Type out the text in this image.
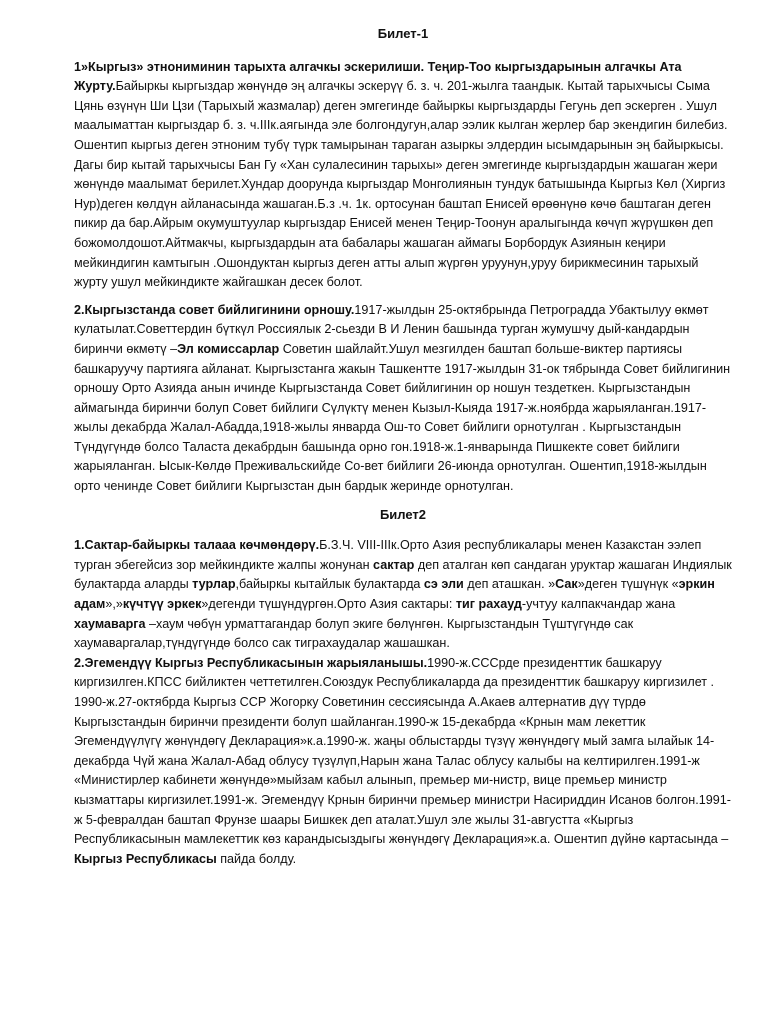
Билет-1

1»Кыргыз» этнониминин тарыхта алгачкы эскерилиши. Теңир-Тоо кыргыздарынын алгачкы Ата Журту.Байыркы кыргыздар жөнүндө эң алгачкы эскерүү б. з. ч. 201-жылга таандык. Кытай тарыхчысы Сыма Цянь өзүнүн Ши Цзи (Тарыхый жазмалар) деген эмгегинде байыркы кыргыздарды Гегунь деп эскерген . Ушул маалыматтан кыргыздар б. з. ч.IIIк.аягында эле болгондугун,алар ээлик кылган жерлер бар экендигин билебиз. Ошентип кыргыз деген этноним тубү түрк тамырынан тараган азыркы элдердин ысымдарынын эң байыркысы. Дагы бир кытай тарыхчысы Бан Гу «Хан сулалесинин тарыхы» деген эмгегинде кыргыздардын жашаган жери жөнүндө маалымат берилет.Хундар доорунда кыргыздар Монголиянын тундук батышында Кыргыз Көл (Хиргиз Нур)деген көлдүн айланасында жашаган.Б.з .ч. 1к. ортосунан баштап Енисей өрөөнүнө көчө баштаган деген пикир да бар.Айрым окумуштуулар кыргыздар Енисей менен Теңир-Тоонун аралыгында көчүп жүрүшкөн деп божомолдошот.Айтмакчы, кыргыздардын ата бабалары жашаган аймагы Борбордук Азиянын кеңири мейкиндигин камтыгын .Ошондуктан кыргыз деген атты алып жүргөн уруунун,уруу бирикмесинин тарыхый журту ушул мейкиндикте жайгашкан десек болот.

2.Кыргызстанда совет бийлигинини орношу.1917-жылдын 25-октябрында Петроградда Убактылуу өкмөт кулатылат.Советтердин бүткүл Россиялык 2-сьезди В И Ленин башында турган жумушчу дый-кандардын биринчи өкмөтү –Эл комиссарлар Советин шайлайт.Ушул мезгилден баштап больше-виктер партиясы башкаруучу партияга айланат. Кыргызстанга жакын Ташкентте 1917-жылдын 31-ок тябрында Совет бийлигинин орношу Орто Азияда анын ичинде Кыргызстанда Совет бийлигинин ор ношун тездеткен. Кыргызстандын аймагында биринчи болуп Совет бийлиги Сүлүктү менен Кызыл-Кыяда 1917-ж.ноябрда жарыяланган.1917-жылы декабрда Жалал-Абадда,1918-жылы январда Ош-то Совет бийлиги орнотулган . Кыргызстандын Түндүгүндө болсо Таласта декабрдын башында орно гон.1918-ж.1-январында Пишкекте совет бийлиги жарыяланган. Ысык-Көлдө Преживальскийде Со-вет бийлиги 26-июнда орнотулган. Ошентип,1918-жылдын орто ченинде Совет бийлиги Кыргызстан дын бардык жеринде орнотулган.

Билет2

1.Сактар-байыркы талааа көчмөндөрү.Б.З.Ч. VIII-IIIк.Орто Азия республикалары менен Казакстан ээлеп турган эбегейсиз зор мейкиндикте жалпы жонунан сактар деп аталган көп сандаган уруктар жашаган Индиялык булактарда аларды турлар,байыркы кытайлык булактарда сэ эли деп аташкан. »Сак»деген түшүнүк «эркин адам»,»күчтүү эркек»дегенди түшүндүргөн.Орто Азия сактары: тиг рахауд-учтуу калпакчандар жана хаумаварга –хаум чөбүн урматтагандар болуп экиге бөлүнгөн. Кыргызстандын Түштүгүндө сак хаумаваргалар,түндүгүндө болсо сак тиграхаудалар жашашкан.

2.Эгемендүү Кыргыз Республикасынын жарыяланышы.1990-ж.СССрде президенттик башкаруу киргизилген.КПСС бийликтен четтетилген.Союздук Республикаларда да президенттик башкаруу киргизилет . 1990-ж.27-октябрда Кыргыз ССР Жогорку Советинин сессиясында А.Акаев алтернатив дүү түрдө Кыргызстандын биринчи президенти болуп шайланган.1990-ж 15-декабрда «Крнын мам лекеттик Эгемендүүлүгү жөнүндөгү Декларация»к.а.1990-ж. жаңы облыстарды түзүү жөнүндөгү мый замга ылайык 14-декабрда Чүй жана Жалал-Абад облусу түзүлүп,Нарын жана Талас облусу калыбы на келтирилген.1991-ж «Министирлер кабинети жөнүндө»мыйзам кабыл алынып, премьер ми-нистр, вице премьер министр кызматтары киргизилет.1991-ж. Эгемендүү Крнын биринчи премьер министри Насириддин Исанов болгон.1991-ж 5-февралдан баштап Фрунзе шаары Бишкек деп аталат.Ушул эле жылы 31-августта «Кыргыз Республикасынын мамлекеттик көз карандысыздыгы жөнүндөгү Декларация»к.а. Ошентип дүйнө картасында –Кыргыз Республикасы пайда болду.
